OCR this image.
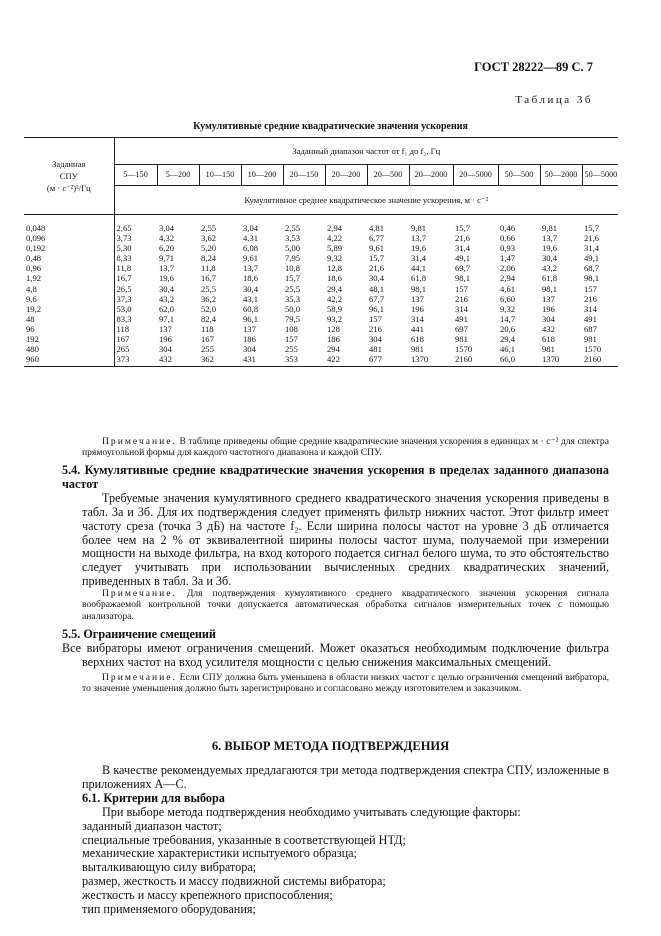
ГОСТ 28222—89 С. 7
Таблица 3б
Кумулятивные средние квадратические значения ускорения
Заданная
СПУ
(м · с⁻²)²/Гц	Заданный диапазон частот от f₁ до f₂, Гц											
	5—150	5—200	10—150	10—200	20—150	20—200	20—500	20—2000	20—5000	50—500	50—2000	50—5000
	Кумулятивное среднее квадратическое значение ускорения, м · с⁻²											
0,048	2,65	3,04	2,55	3,04	2,55	2,94	4,81	9,81	15,7	0,46	9,81	15,7
0,096	3,73	4,32	3,62	4,31	3,53	4,22	6,77	13,7	21,6	0,66	13,7	21,6
0,192	5,30	6,20	5,20	6,08	5,00	5,89	9,61	19,6	31,4	0,93	19,6	31,4
0,48	8,33	9,71	8,24	9,61	7,95	9,32	15,7	31,4	49,1	1,47	30,4	49,1
0,96	11,8	13,7	11,8	13,7	10,8	12,8	21,6	44,1	69,7	2,06	43,2	68,7
1,92	16,7	19,6	16,7	18,6	15,7	18,6	30,4	61,8	98,1	2,94	61,8	98,1
4,8	26,5	30,4	25,5	30,4	25,5	29,4	48,1	98,1	157	4,61	98,1	157
9,6	37,3	43,2	36,2	43,1	35,3	42,2	67,7	137	216	6,60	137	216
19,2	53,0	62,0	52,0	60,8	50,0	58,9	96,1	196	314	9,32	196	314
48	83,3	97,1	82,4	96,1	79,5	93,2	157	314	491	14,7	304	491
96	118	137	118	137	108	128	216	441	697	20,6	432	687
192	167	196	167	186	157	186	304	618	981	29,4	618	981
480	265	304	255	304	255	294	481	981	1570	46,1	981	1570
960	373	432	362	431	353	422	677	1370	2160	66,0	1370	2160

Примечание. В таблице приведены общие средние квадратические значения ускорения в единицах м · с⁻² для спектра прямоугольной формы для каждого частотного диапазона и каждой СПУ.

5.4. Кумулятивные средние квадратические значения ускорения в пределах заданного диапазона частот

Требуемые значения кумулятивного среднего квадратического значения ускорения приведены в табл. 3а и 3б. Для их подтверждения следует применять фильтр нижних частот. Этот фильтр имеет частоту среза (точка 3 дБ) на частоте f₂. Если ширина полосы частот на уровне 3 дБ отличается более чем на 2 % от эквивалентной ширины полосы частот шума, получаемой при измерении мощности на выходе фильтра, на вход которого подается сигнал белого шума, то это обстоятельство следует учитывать при использовании вычисленных средних квадратических значений, приведенных в табл. 3а и 3б.

Примечание. Для подтверждения кумулятивного среднего квадратического значения ускорения сигнала воображаемой контрольной точки допускается автоматическая обработка сигналов измерительных точек с помощью анализатора.

5.5. Ограничение смещений

Все вибраторы имеют ограничения смещений. Может оказаться необходимым подключение фильтра верхних частот на вход усилителя мощности с целью снижения максимальных смещений.

Примечание. Если СПУ должна быть уменьшена в области низких частот с целью ограничения смещений вибратора, то значение уменьшения должно быть зарегистрировано и согласовано между изготовителем и заказчиком.

6. ВЫБОР МЕТОДА ПОДТВЕРЖДЕНИЯ

В качестве рекомендуемых предлагаются три метода подтверждения спектра СПУ, изложенные в приложениях А—С.

6.1. Критерии для выбора

При выборе метода подтверждения необходимо учитывать следующие факторы:

заданный диапазон частот;

специальные требования, указанные в соответствующей НТД;

механические характеристики испытуемого образца;

выталкивающую силу вибратора;

размер, жесткость и массу подвижной системы вибратора;

жесткость и массу крепежного приспособления;

тип применяемого оборудования;
